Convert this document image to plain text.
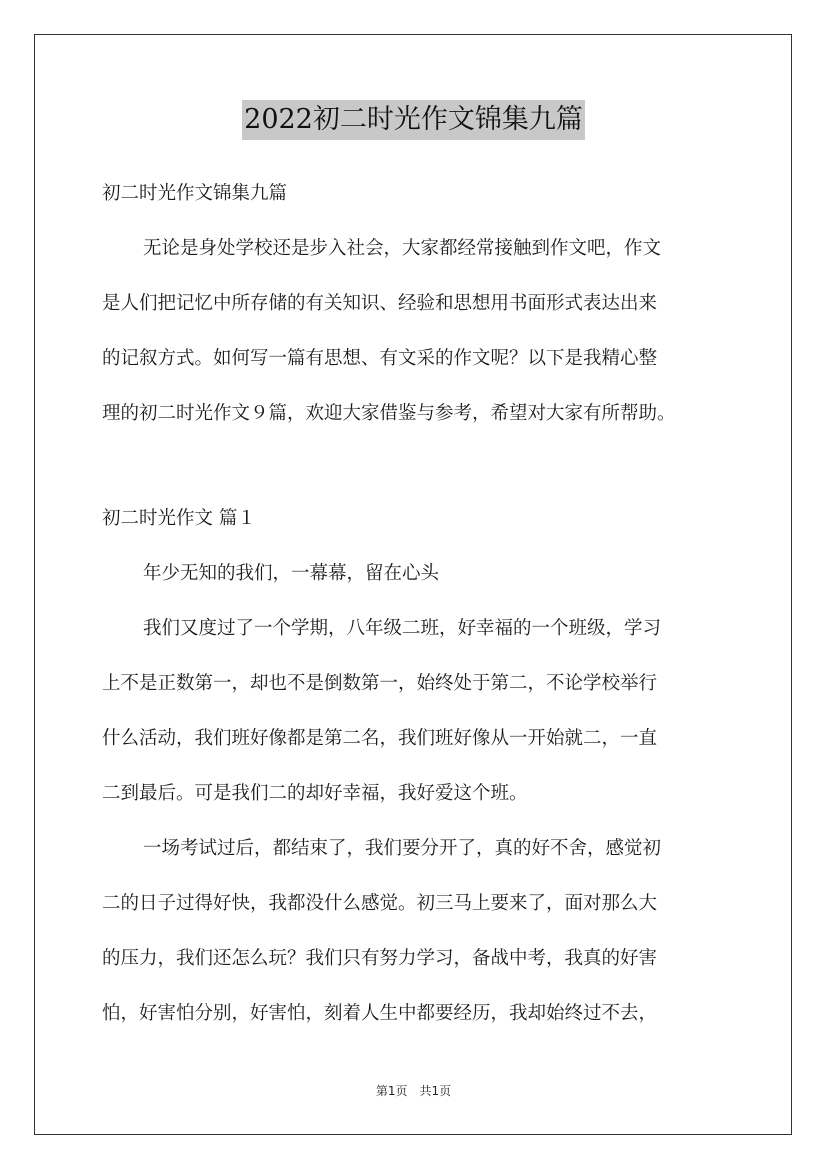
2022初二时光作文锦集九篇
初二时光作文锦集九篇
无论是身处学校还是步入社会，大家都经常接触到作文吧，作文
是人们把记忆中所存储的有关知识、经验和思想用书面形式表达出来
的记叙方式。如何写一篇有思想、有文采的作文呢？以下是我精心整
理的初二时光作文９篇，欢迎大家借鉴与参考，希望对大家有所帮助。
初二时光作文 篇１
年少无知的我们，一幕幕，留在心头
我们又度过了一个学期，八年级二班，好幸福的一个班级，学习
上不是正数第一，却也不是倒数第一，始终处于第二，不论学校举行
什么活动，我们班好像都是第二名，我们班好像从一开始就二，一直
二到最后。可是我们二的却好幸福，我好爱这个班。
一场考试过后，都结束了，我们要分开了，真的好不舍，感觉初
二的日子过得好快，我都没什么感觉。初三马上要来了，面对那么大
的压力，我们还怎么玩？我们只有努力学习，备战中考，我真的好害
怕，好害怕分别，好害怕，刻着人生中都要经历，我却始终过不去，
第1页　共1页
